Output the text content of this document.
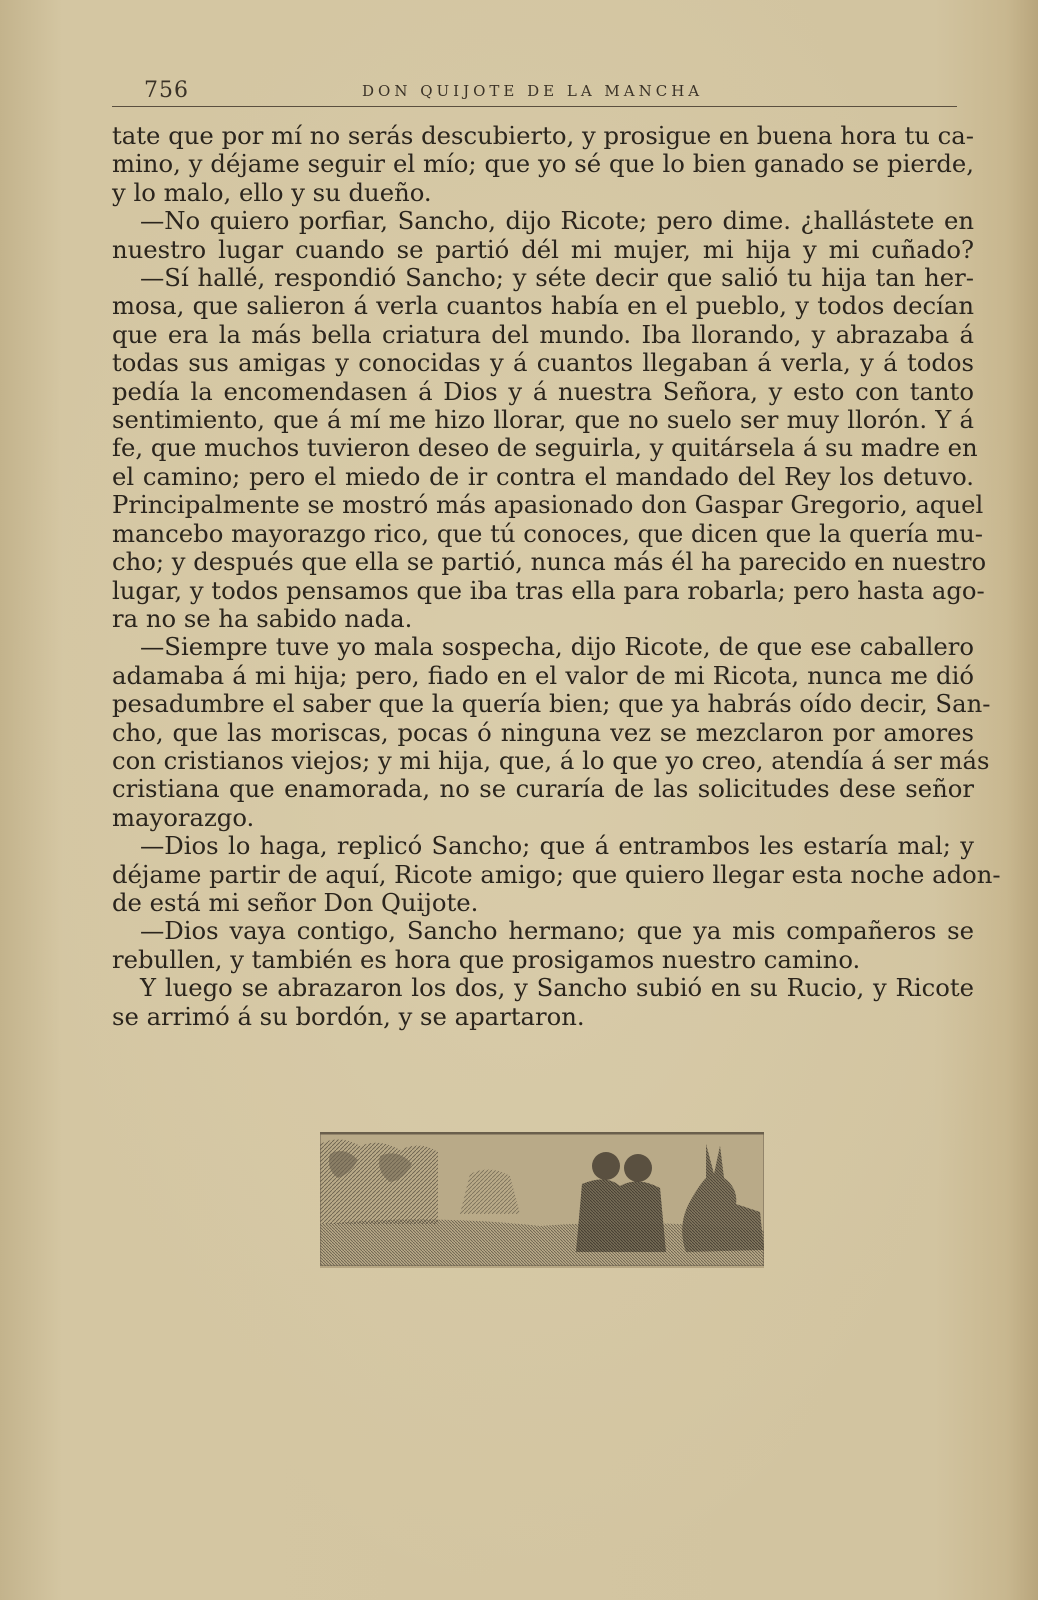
756	DON QUIJOTE DE LA MANCHA
tate que por mí no serás descubierto, y prosigue en buena hora tu ca-
mino, y déjame seguir el mío; que yo sé que lo bien ganado se pierde,
y lo malo, ello y su dueño.
—No quiero porfiar, Sancho, dijo Ricote; pero dime. ¿hallástete en
nuestro lugar cuando se partió dél mi mujer, mi hija y mi cuñado?
—Sí hallé, respondió Sancho; y séte decir que salió tu hija tan her-
mosa, que salieron á verla cuantos había en el pueblo, y todos decían
que era la más bella criatura del mundo. Iba llorando, y abrazaba á
todas sus amigas y conocidas y á cuantos llegaban á verla, y á todos
pedía la encomendasen á Dios y á nuestra Señora, y esto con tanto
sentimiento, que á mí me hizo llorar, que no suelo ser muy llorón. Y á
fe, que muchos tuvieron deseo de seguirla, y quitársela á su madre en
el camino; pero el miedo de ir contra el mandado del Rey los detuvo.
Principalmente se mostró más apasionado don Gaspar Gregorio, aquel
mancebo mayorazgo rico, que tú conoces, que dicen que la quería mu-
cho; y después que ella se partió, nunca más él ha parecido en nuestro
lugar, y todos pensamos que iba tras ella para robarla; pero hasta ago-
ra no se ha sabido nada.
—Siempre tuve yo mala sospecha, dijo Ricote, de que ese caballero
adamaba á mi hija; pero, fiado en el valor de mi Ricota, nunca me dió
pesadumbre el saber que la quería bien; que ya habrás oído decir, San-
cho, que las moriscas, pocas ó ninguna vez se mezclaron por amores
con cristianos viejos; y mi hija, que, á lo que yo creo, atendía á ser más
cristiana que enamorada, no se curaría de las solicitudes dese señor
mayorazgo.
—Dios lo haga, replicó Sancho; que á entrambos les estaría mal; y
déjame partir de aquí, Ricote amigo; que quiero llegar esta noche adon-
de está mi señor Don Quijote.
—Dios vaya contigo, Sancho hermano; que ya mis compañeros se
rebullen, y también es hora que prosigamos nuestro camino.
Y luego se abrazaron los dos, y Sancho subió en su Rucio, y Ricote
se arrimó á su bordón, y se apartaron.
